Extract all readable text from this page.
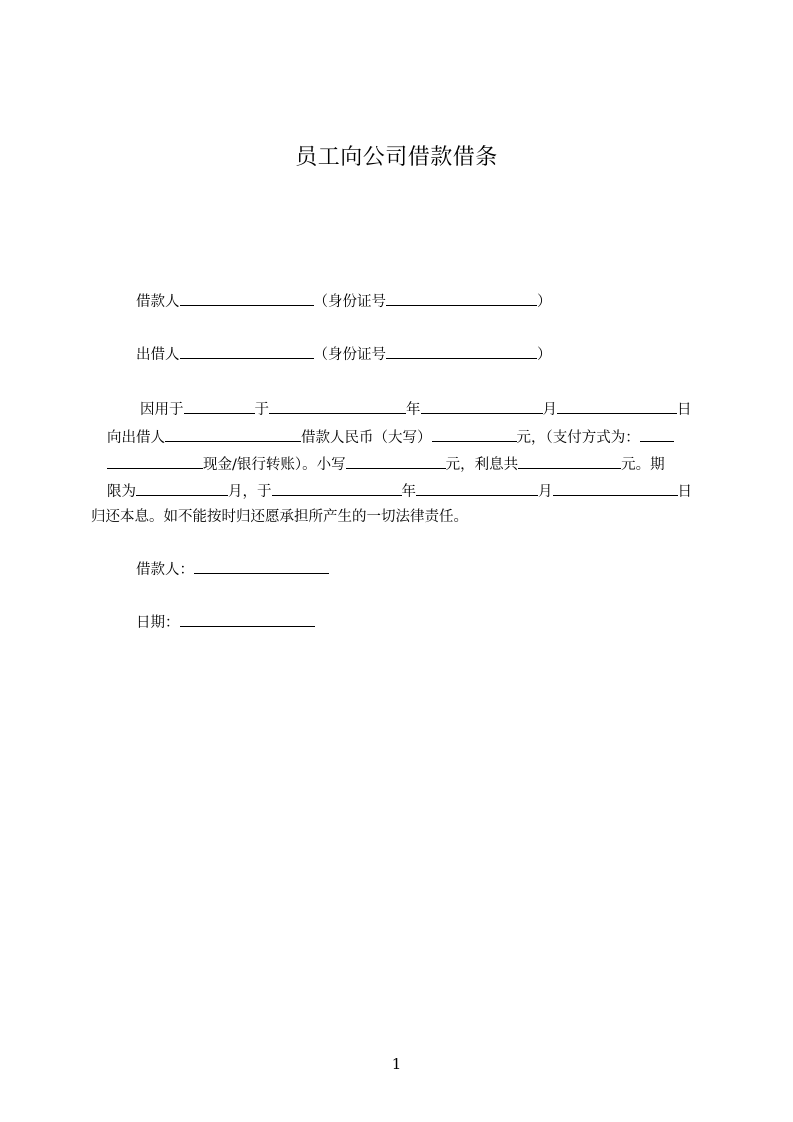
员工向公司借款借条
借款人	（身份证号	）
出借人	（身份证号	）
因用于	于	年	月	日
向出借人	借款人民币（大写）	元，（支付方式为：
现金/银行转账）。小写	元，利息共	元。期
限为	月，于	年	月	日
归还本息。如不能按时归还愿承担所产生的一切法律责任。
借款人：
日期：
1
